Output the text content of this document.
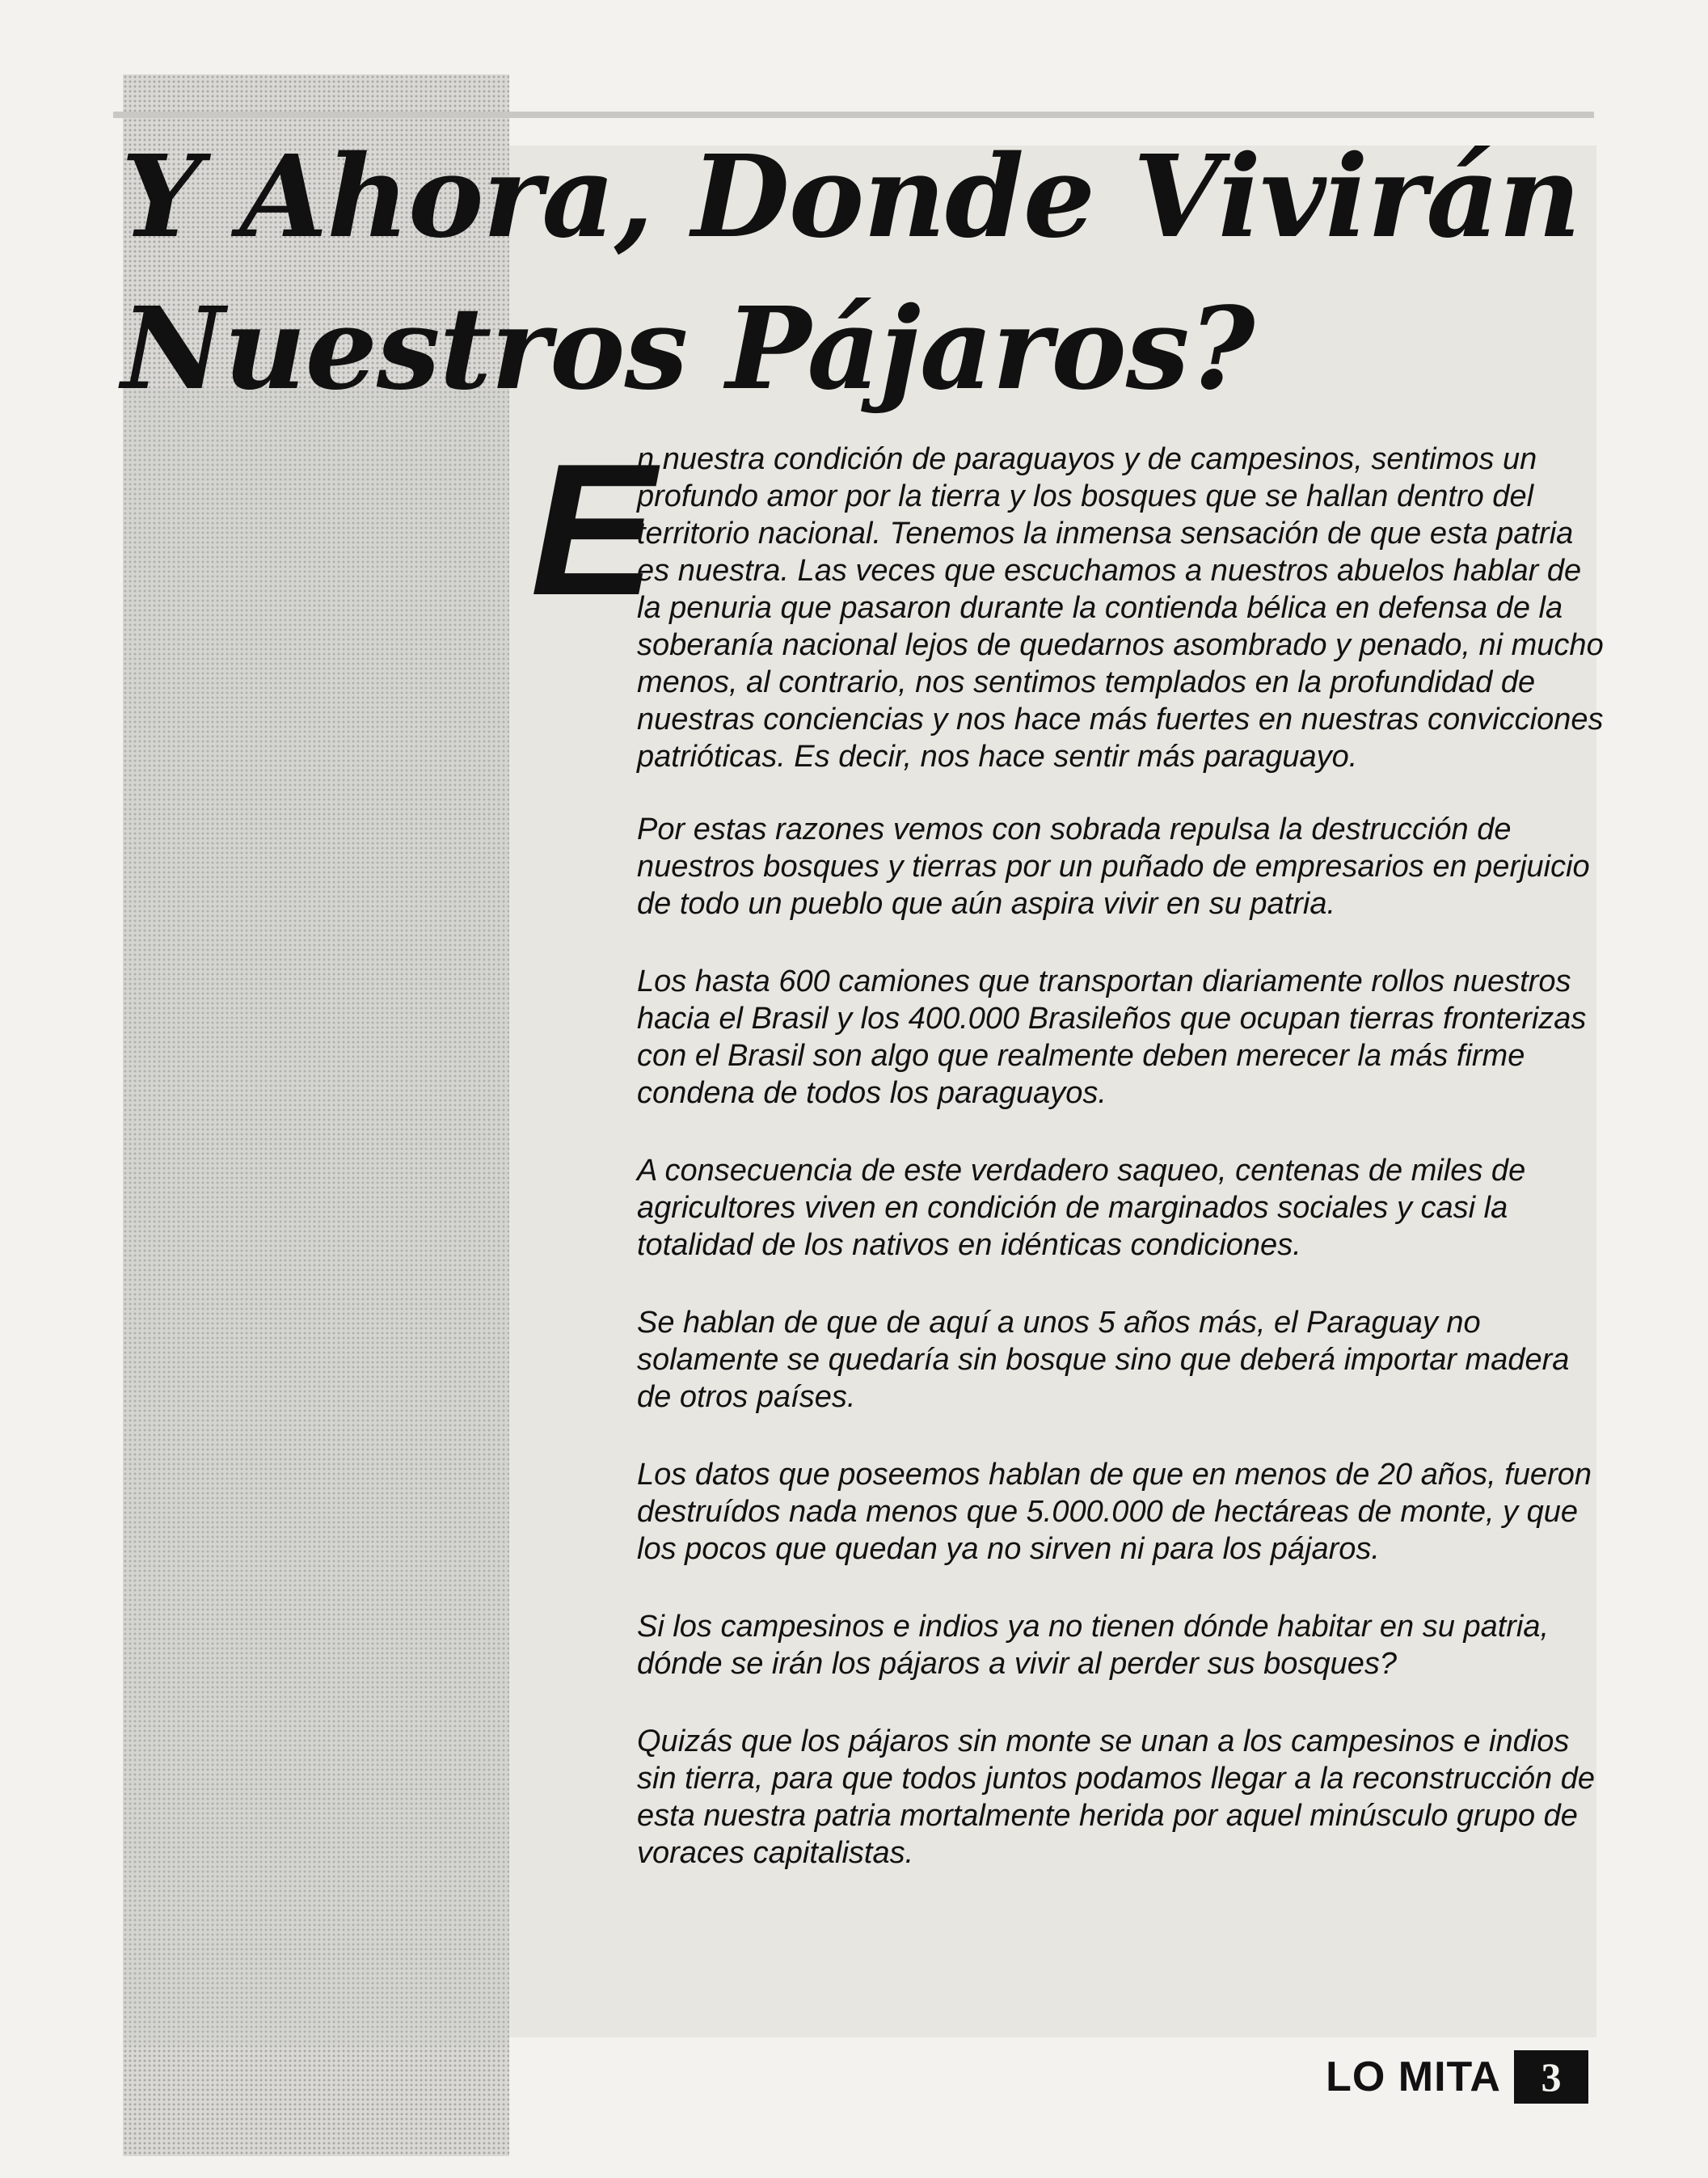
Y Ahora, Donde Vivirán
Nuestros Pájaros?
E

n nuestra condición de paraguayos y de campesinos, sentimos un profundo amor por la tierra y los bosques que se hallan dentro del territorio nacional. Tenemos la inmensa sensación de que esta patria es nuestra. Las veces que escuchamos a nuestros abuelos hablar de la penuria que pasaron durante la contienda bélica en defensa de la soberanía nacional lejos de quedarnos asombrado y penado, ni mucho menos, al contrario, nos sentimos templados en la profundidad de nuestras conciencias y nos hace más fuertes en nuestras convicciones patrióticas. Es decir, nos hace sentir más paraguayo.

Por estas razones vemos con sobrada repulsa la destrucción de nuestros bosques y tierras por un puñado de empresarios en perjuicio de todo un pueblo que aún aspira vivir en su patria.

Los hasta 600 camiones que transportan diariamente rollos nuestros hacia el Brasil y los 400.000 Brasileños que ocupan tierras fronterizas con el Brasil son algo que realmente deben merecer la más firme condena de todos los paraguayos.

A consecuencia de este verdadero saqueo, centenas de miles de agricultores viven en condición de marginados sociales y casi la totalidad de los nativos en idénticas condiciones.

Se hablan de que de aquí a unos 5 años más, el Paraguay no solamente se quedaría sin bosque sino que deberá importar madera de otros países.

Los datos que poseemos hablan de que en menos de 20 años, fueron destruídos nada menos que 5.000.000 de hectáreas de monte, y que los pocos que quedan ya no sirven ni para los pájaros.

Si los campesinos e indios ya no tienen dónde habitar en su patria, dónde se irán los pájaros a vivir al perder sus bosques?

Quizás que los pájaros sin monte se unan a los campesinos e indios sin tierra, para que todos juntos podamos llegar a la reconstrucción de esta nuestra patria mortalmente herida por aquel minúsculo grupo de voraces capitalistas.

LO MITA 3
